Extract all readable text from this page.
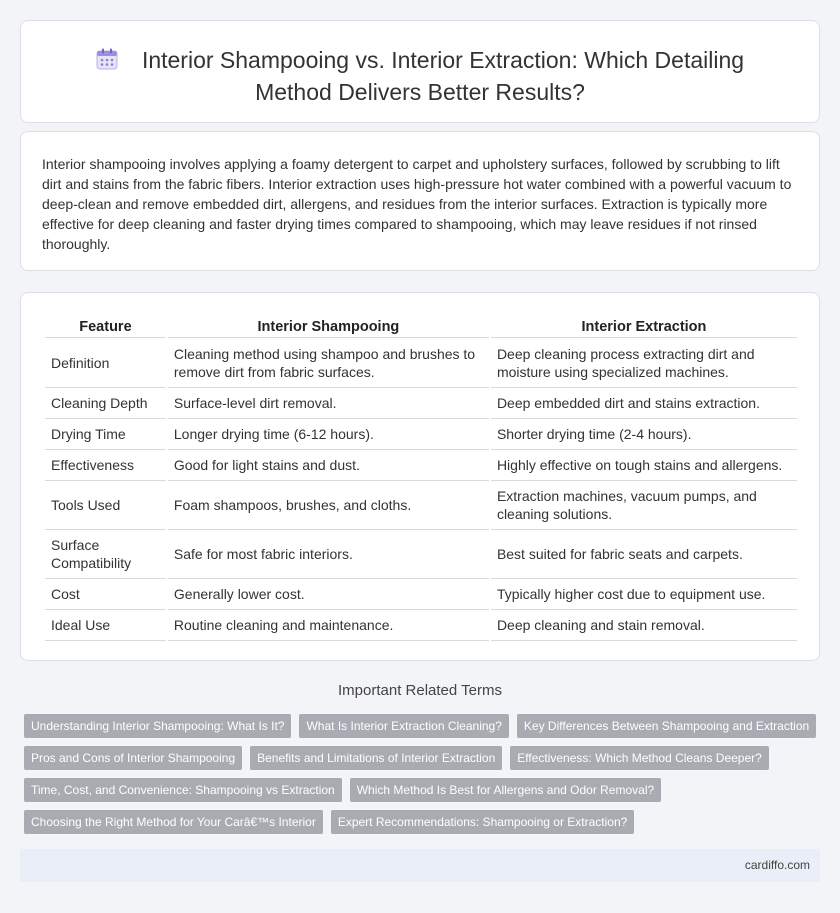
Interior Shampooing vs. Interior Extraction: Which Detailing
Method Delivers Better Results?

Interior shampooing involves applying a foamy detergent to carpet and upholstery surfaces, followed by scrubbing to lift dirt and stains from the fabric fibers. Interior extraction uses high-pressure hot water combined with a powerful vacuum to deep-clean and remove embedded dirt, allergens, and residues from the interior surfaces. Extraction is typically more effective for deep cleaning and faster drying times compared to shampooing, which may leave residues if not rinsed thoroughly.

Feature	Interior Shampooing	Interior Extraction
Definition	Cleaning method using shampoo and brushes to remove dirt from fabric surfaces.	Deep cleaning process extracting dirt and moisture using specialized machines.
Cleaning Depth	Surface-level dirt removal.	Deep embedded dirt and stains extraction.
Drying Time	Longer drying time (6-12 hours).	Shorter drying time (2-4 hours).
Effectiveness	Good for light stains and dust.	Highly effective on tough stains and allergens.
Tools Used	Foam shampoos, brushes, and cloths.	Extraction machines, vacuum pumps, and cleaning solutions.
Surface Compatibility	Safe for most fabric interiors.	Best suited for fabric seats and carpets.
Cost	Generally lower cost.	Typically higher cost due to equipment use.
Ideal Use	Routine cleaning and maintenance.	Deep cleaning and stain removal.
Important Related Terms
Understanding Interior Shampooing: What Is It?	What Is Interior Extraction Cleaning?	Key Differences Between Shampooing and Extraction
Pros and Cons of Interior Shampooing	Benefits and Limitations of Interior Extraction	Effectiveness: Which Method Cleans Deeper?
Time, Cost, and Convenience: Shampooing vs Extraction	Which Method Is Best for Allergens and Odor Removal?
Choosing the Right Method for Your Carâ€™s Interior	Expert Recommendations: Shampooing or Extraction?
cardiffo.com
